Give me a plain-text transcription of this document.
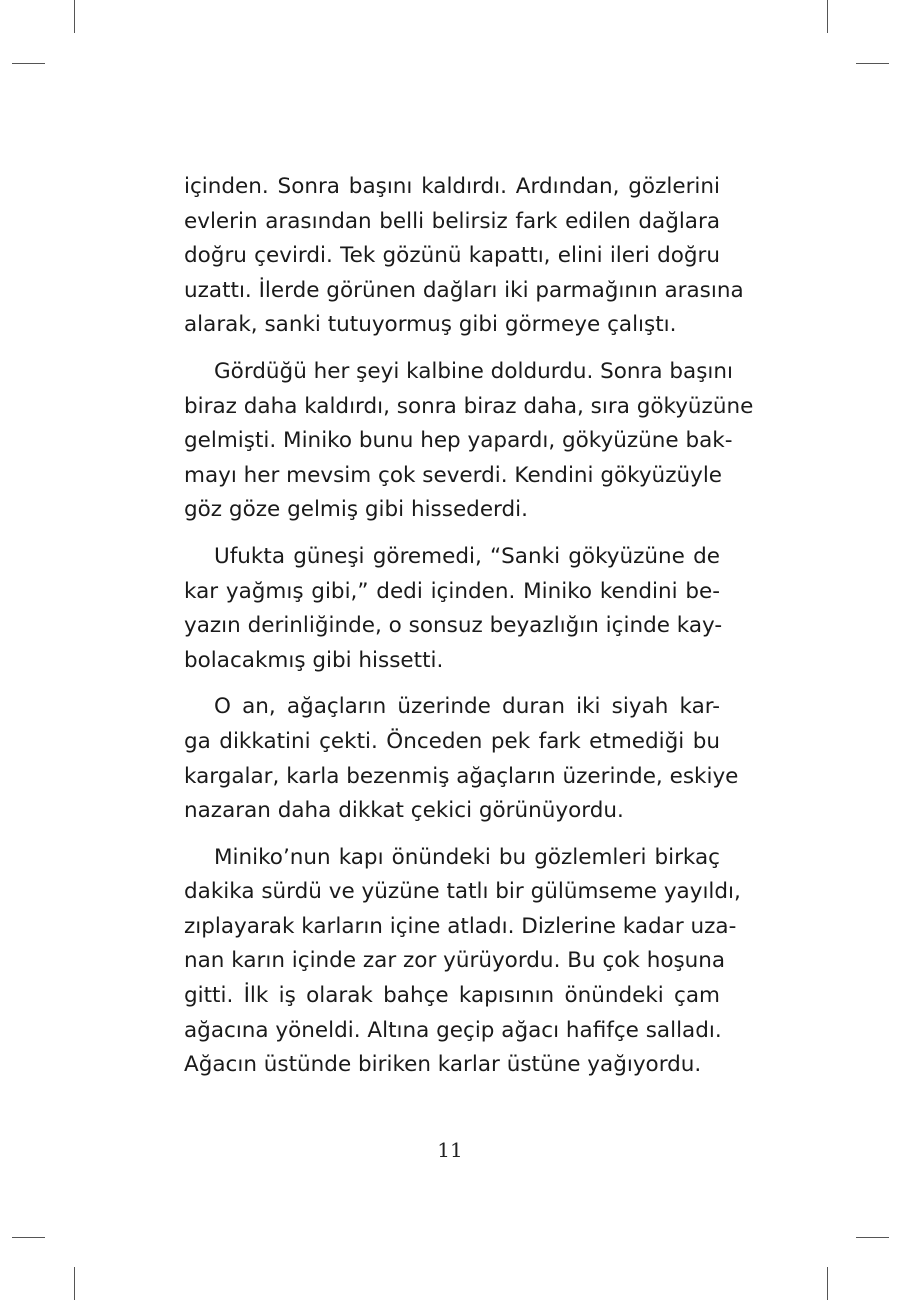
içinden. Sonra başını kaldırdı. Ardından, gözlerini
evlerin arasından belli belirsiz fark edilen dağlara
doğru çevirdi. Tek gözünü kapattı, elini ileri doğru
uzattı. İlerde görünen dağları iki parmağının arasına
alarak, sanki tutuyormuş gibi görmeye çalıştı.
Gördüğü her şeyi kalbine doldurdu. Sonra başını
biraz daha kaldırdı, sonra biraz daha, sıra gökyüzüne
gelmişti. Miniko bunu hep yapardı, gökyüzüne bak-
mayı her mevsim çok severdi. Kendini gökyüzüyle
göz göze gelmiş gibi hissederdi.
Ufukta güneşi göremedi, “Sanki gökyüzüne de
kar yağmış gibi,” dedi içinden. Miniko kendini be-
yazın derinliğinde, o sonsuz beyazlığın içinde kay-
bolacakmış gibi hissetti.
O an, ağaçların üzerinde duran iki siyah kar-
ga dikkatini çekti. Önceden pek fark etmediği bu
kargalar, karla bezenmiş ağaçların üzerinde, eskiye
nazaran daha dikkat çekici görünüyordu.
Miniko’nun kapı önündeki bu gözlemleri birkaç
dakika sürdü ve yüzüne tatlı bir gülümseme yayıldı,
zıplayarak karların içine atladı. Dizlerine kadar uza-
nan karın içinde zar zor yürüyordu. Bu çok hoşuna
gitti. İlk iş olarak bahçe kapısının önündeki çam
ağacına yöneldi. Altına geçip ağacı hafifçe salladı.
Ağacın üstünde biriken karlar üstüne yağıyordu.
11
